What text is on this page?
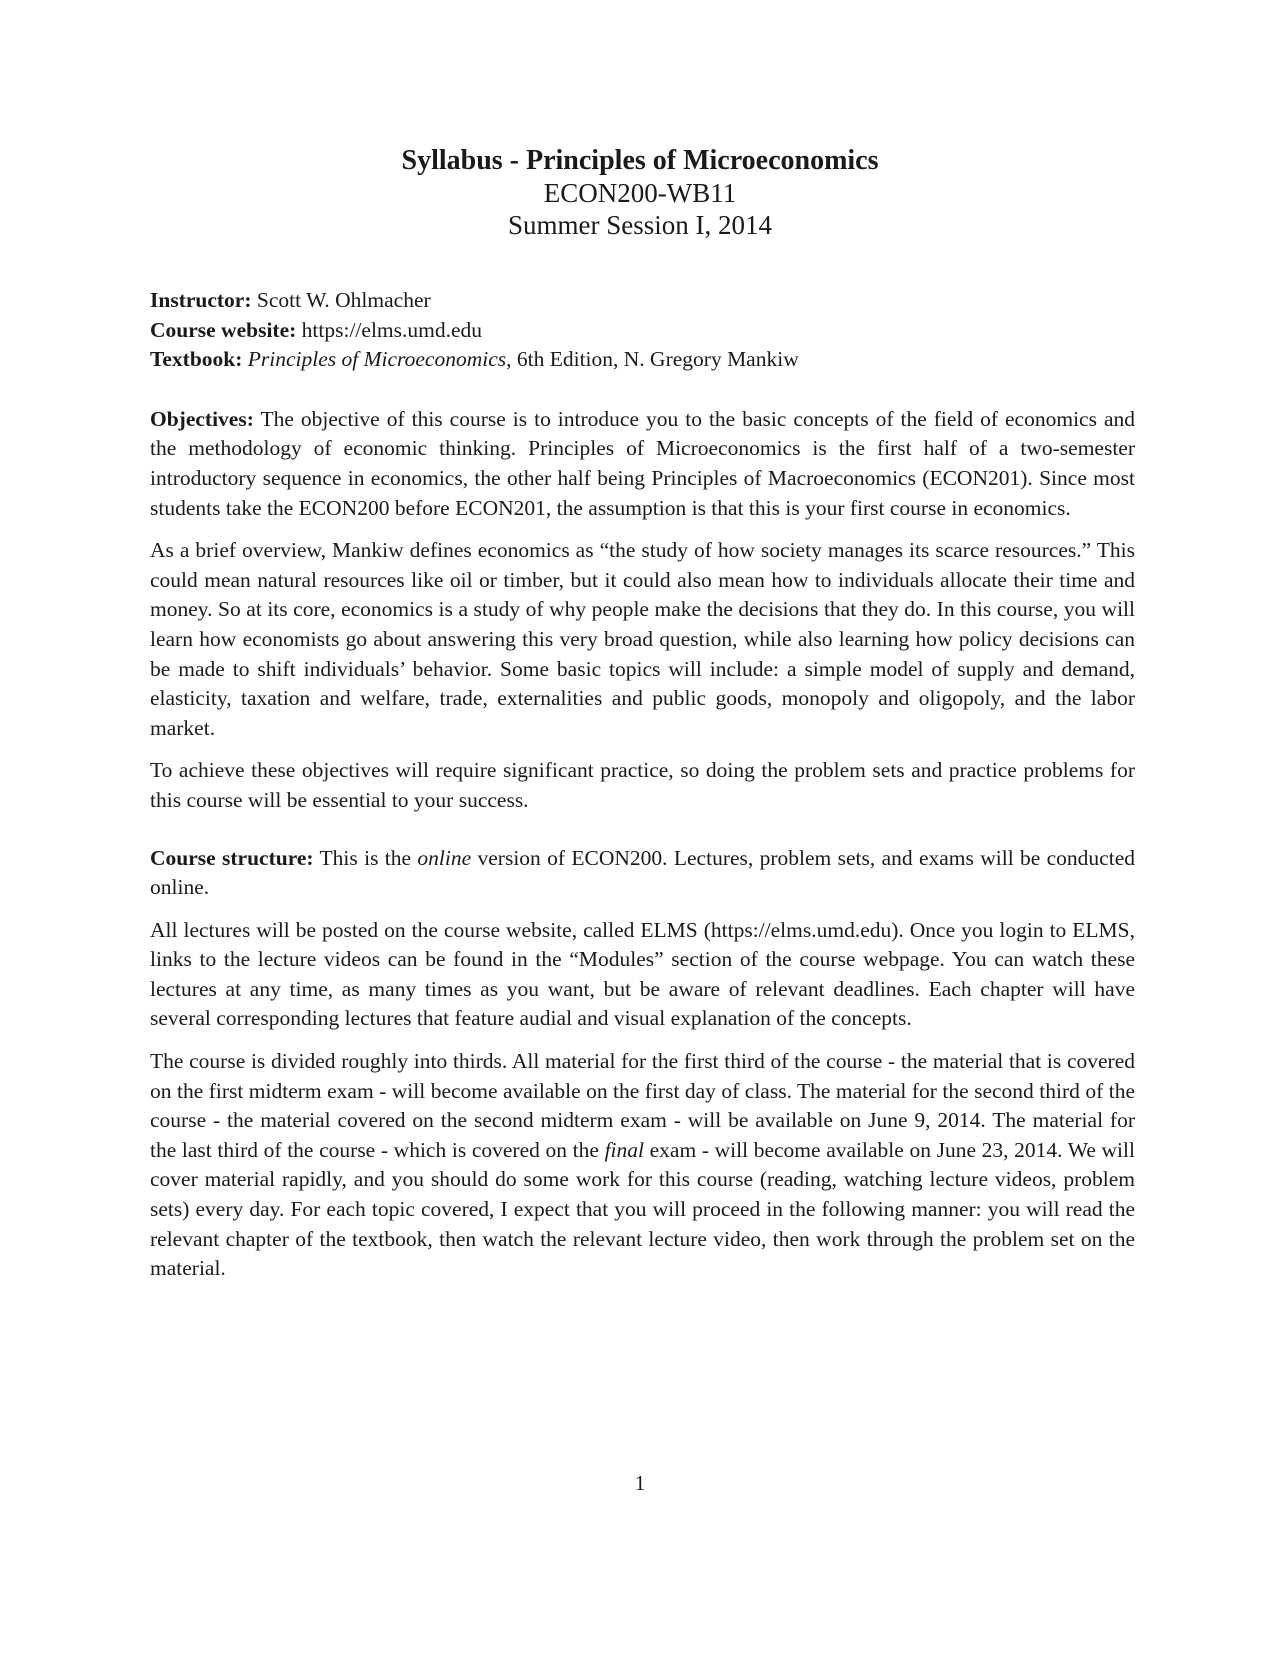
Syllabus - Principles of Microeconomics

ECON200-WB11

Summer Session I, 2014

Instructor: Scott W. Ohlmacher

Course website: https://elms.umd.edu

Textbook: Principles of Microeconomics, 6th Edition, N. Gregory Mankiw

Objectives: The objective of this course is to introduce you to the basic concepts of the field of economics and the methodology of economic thinking. Principles of Microeconomics is the first half of a two-semester introductory sequence in economics, the other half being Principles of Macroeconomics (ECON201). Since most students take the ECON200 before ECON201, the assumption is that this is your first course in economics.

As a brief overview, Mankiw defines economics as “the study of how society manages its scarce resources.” This could mean natural resources like oil or timber, but it could also mean how to individuals allocate their time and money. So at its core, economics is a study of why people make the decisions that they do. In this course, you will learn how economists go about answering this very broad question, while also learning how policy decisions can be made to shift individuals’ behavior. Some basic topics will include: a simple model of supply and demand, elasticity, taxation and welfare, trade, externalities and public goods, monopoly and oligopoly, and the labor market.

To achieve these objectives will require significant practice, so doing the problem sets and practice problems for this course will be essential to your success.

Course structure: This is the online version of ECON200. Lectures, problem sets, and exams will be conducted online.

All lectures will be posted on the course website, called ELMS (https://elms.umd.edu). Once you login to ELMS, links to the lecture videos can be found in the “Modules” section of the course webpage. You can watch these lectures at any time, as many times as you want, but be aware of relevant deadlines. Each chapter will have several corresponding lectures that feature audial and visual explanation of the concepts.

The course is divided roughly into thirds. All material for the first third of the course - the material that is covered on the first midterm exam - will become available on the first day of class. The material for the second third of the course - the material covered on the second midterm exam - will be available on June 9, 2014. The material for the last third of the course - which is covered on the final exam - will become available on June 23, 2014. We will cover material rapidly, and you should do some work for this course (reading, watching lecture videos, problem sets) every day. For each topic covered, I expect that you will proceed in the following manner: you will read the relevant chapter of the textbook, then watch the relevant lecture video, then work through the problem set on the material.

1
